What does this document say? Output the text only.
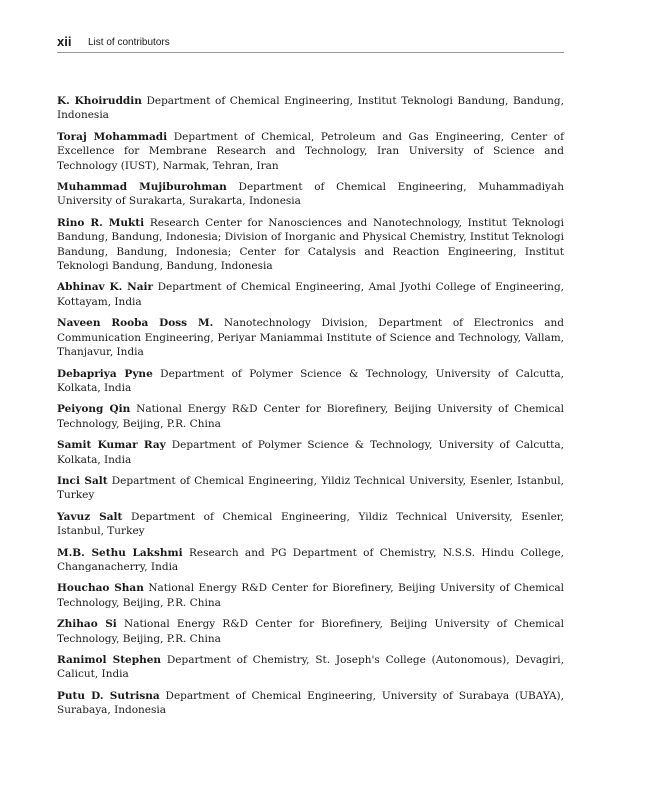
xii List of contributors
K. Khoiruddin Department of Chemical Engineering, Institut Teknologi Bandung, Bandung, Indonesia
Toraj Mohammadi Department of Chemical, Petroleum and Gas Engineering, Center of Excellence for Membrane Research and Technology, Iran University of Science and Technology (IUST), Narmak, Tehran, Iran
Muhammad Mujiburohman Department of Chemical Engineering, Muhammadiyah University of Surakarta, Surakarta, Indonesia
Rino R. Mukti Research Center for Nanosciences and Nanotechnology, Institut Teknologi Bandung, Bandung, Indonesia; Division of Inorganic and Physical Chemistry, Institut Teknologi Bandung, Bandung, Indonesia; Center for Catalysis and Reaction Engineering, Institut Teknologi Bandung, Bandung, Indonesia
Abhinav K. Nair Department of Chemical Engineering, Amal Jyothi College of Engineering, Kottayam, India
Naveen Rooba Doss M. Nanotechnology Division, Department of Electronics and Communication Engineering, Periyar Maniammai Institute of Science and Technology, Vallam, Thanjavur, India
Debapriya Pyne Department of Polymer Science & Technology, University of Calcutta, Kolkata, India
Peiyong Qin National Energy R&D Center for Biorefinery, Beijing University of Chemical Technology, Beijing, P.R. China
Samit Kumar Ray Department of Polymer Science & Technology, University of Calcutta, Kolkata, India
Inci Salt Department of Chemical Engineering, Yildiz Technical University, Esenler, Istanbul, Turkey
Yavuz Salt Department of Chemical Engineering, Yildiz Technical University, Esenler, Istanbul, Turkey
M.B. Sethu Lakshmi Research and PG Department of Chemistry, N.S.S. Hindu College, Changanacherry, India
Houchao Shan National Energy R&D Center for Biorefinery, Beijing University of Chemical Technology, Beijing, P.R. China
Zhihao Si National Energy R&D Center for Biorefinery, Beijing University of Chemical Technology, Beijing, P.R. China
Ranimol Stephen Department of Chemistry, St. Joseph's College (Autonomous), Devagiri, Calicut, India
Putu D. Sutrisna Department of Chemical Engineering, University of Surabaya (UBAYA), Surabaya, Indonesia
